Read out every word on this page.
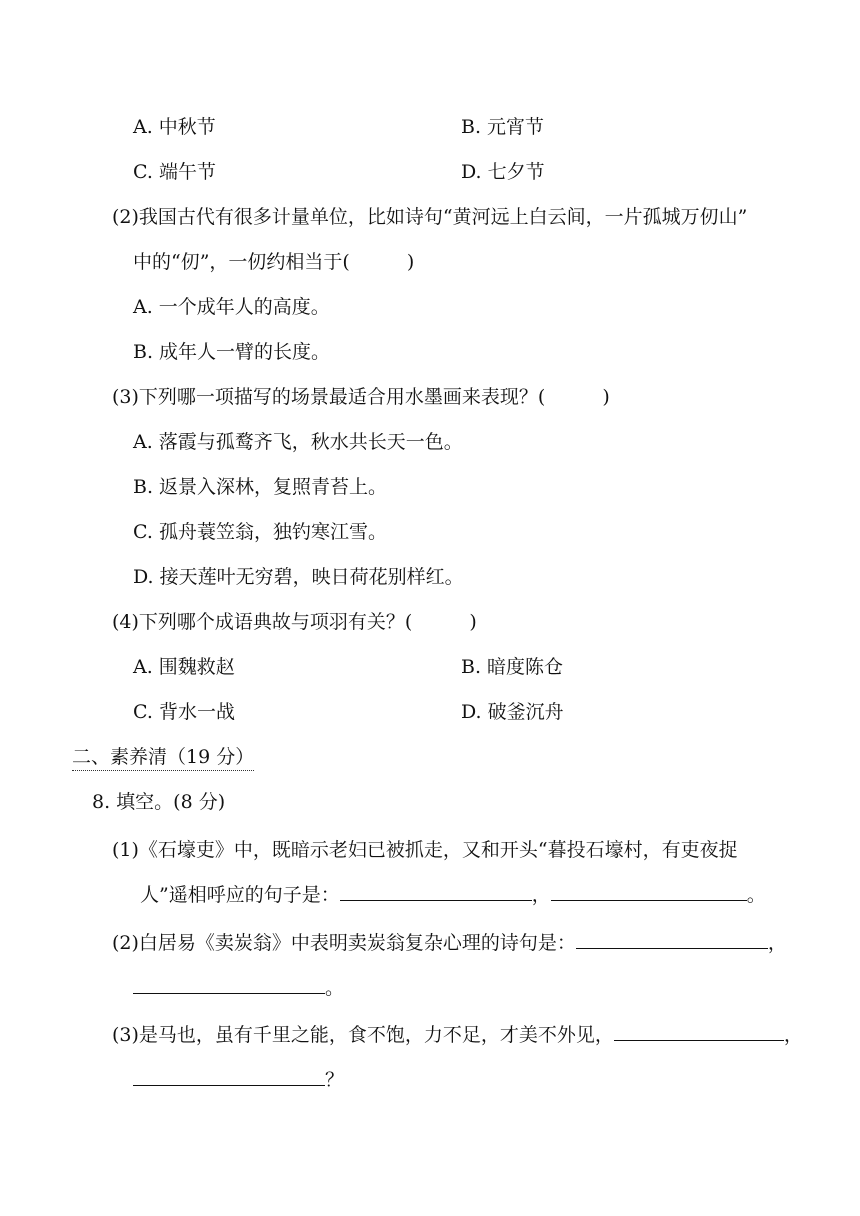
A. 中秋节	B. 元宵节
C. 端午节	D. 七夕节
(2)我国古代有很多计量单位，比如诗句“黄河远上白云间，一片孤城万仞山”
中的“仞”，一仞约相当于(　　　)
A. 一个成年人的高度。
B. 成年人一臂的长度。
(3)下列哪一项描写的场景最适合用水墨画来表现？(　　　)
A. 落霞与孤鹜齐飞，秋水共长天一色。
B. 返景入深林，复照青苔上。
C. 孤舟蓑笠翁，独钓寒江雪。
D. 接天莲叶无穷碧，映日荷花别样红。
(4)下列哪个成语典故与项羽有关？(　　　)
A. 围魏救赵	B. 暗度陈仓
C. 背水一战	D. 破釜沉舟
二、素养清（19 分）
8. 填空。(8 分)
(1)《石壕吏》中，既暗示老妇已被抓走，又和开头“暮投石壕村，有吏夜捉
人”遥相呼应的句子是：	，	。
(2)白居易《卖炭翁》中表明卖炭翁复杂心理的诗句是：	，
。
(3)是马也，虽有千里之能，食不饱，力不足，才美不外见，	，
？
